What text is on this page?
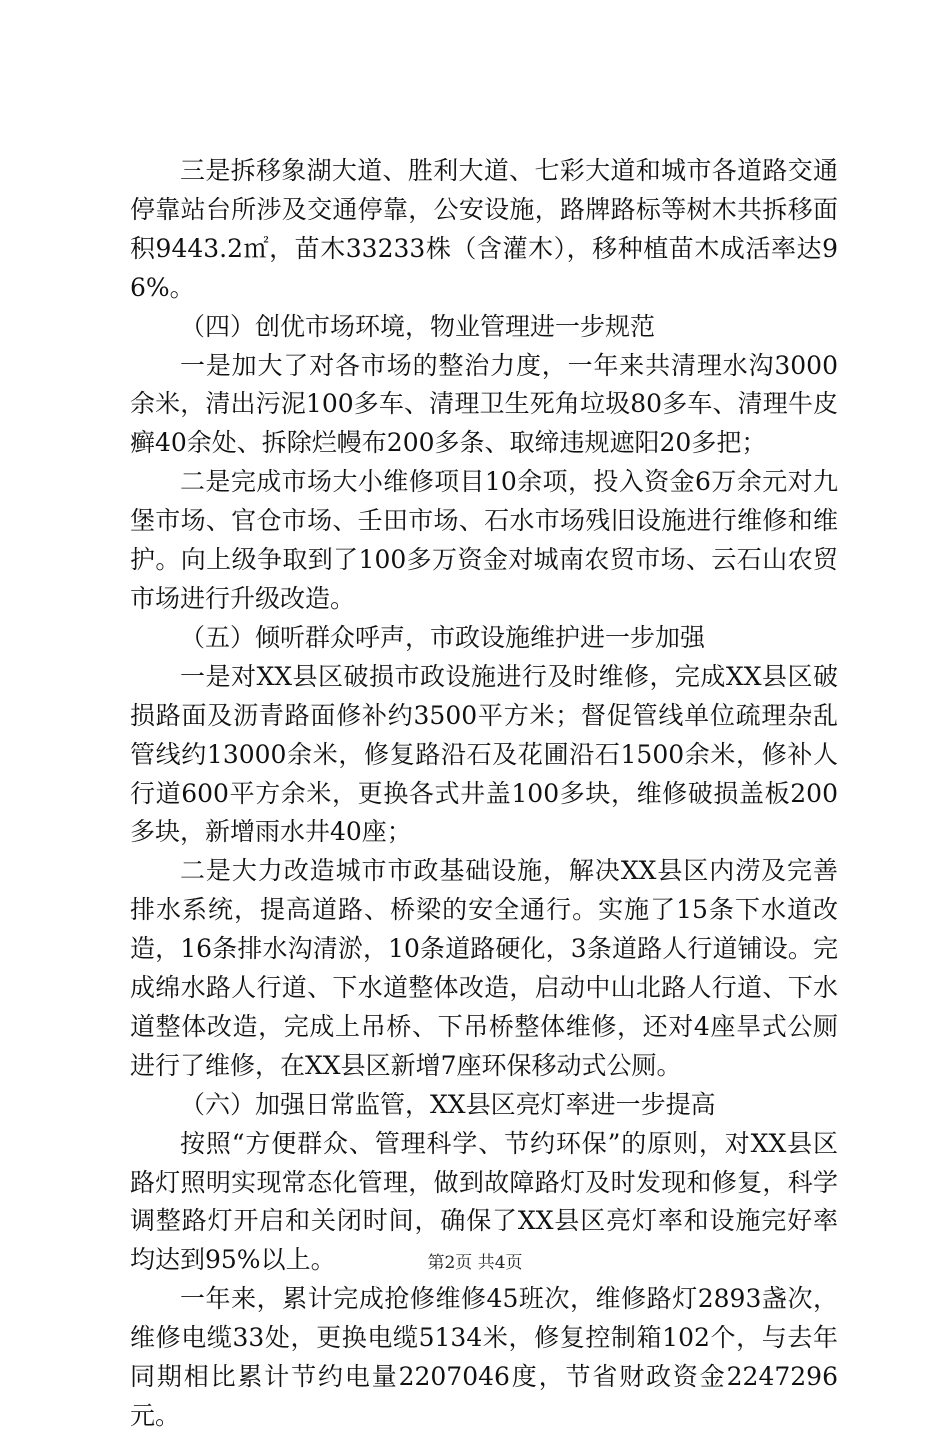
三是拆移象湖大道、胜利大道、七彩大道和城市各道路交通停靠站台所涉及交通停靠，公安设施，路牌路标等树木共拆移面积9443.2㎡，苗木33233株（含灌木），移种植苗木成活率达96%。

（四）创优市场环境，物业管理进一步规范

一是加大了对各市场的整治力度，一年来共清理水沟3000余米，清出污泥100多车、清理卫生死角垃圾80多车、清理牛皮癣40余处、拆除烂幔布200多条、取缔违规遮阳20多把；

二是完成市场大小维修项目10余项，投入资金6万余元对九堡市场、官仓市场、壬田市场、石水市场残旧设施进行维修和维护。向上级争取到了100多万资金对城南农贸市场、云石山农贸市场进行升级改造。

（五）倾听群众呼声，市政设施维护进一步加强

一是对XX县区破损市政设施进行及时维修，完成XX县区破损路面及沥青路面修补约3500平方米；督促管线单位疏理杂乱管线约13000余米，修复路沿石及花圃沿石1500余米，修补人行道600平方余米，更换各式井盖100多块，维修破损盖板200多块，新增雨水井40座；

二是大力改造城市市政基础设施，解决XX县区内涝及完善排水系统，提高道路、桥梁的安全通行。实施了15条下水道改造，16条排水沟清淤，10条道路硬化，3条道路人行道铺设。完成绵水路人行道、下水道整体改造，启动中山北路人行道、下水道整体改造，完成上吊桥、下吊桥整体维修，还对4座旱式公厕进行了维修，在XX县区新增7座环保移动式公厕。

（六）加强日常监管，XX县区亮灯率进一步提高

按照“方便群众、管理科学、节约环保”的原则，对XX县区路灯照明实现常态化管理，做到故障路灯及时发现和修复，科学调整路灯开启和关闭时间，确保了XX县区亮灯率和设施完好率均达到95%以上。

一年来，累计完成抢修维修45班次，维修路灯2893盏次，维修电缆33处，更换电缆5134米，修复控制箱102个，与去年同期相比累计节约电量2207046度，节省财政资金2247296元。

第2页 共4页
